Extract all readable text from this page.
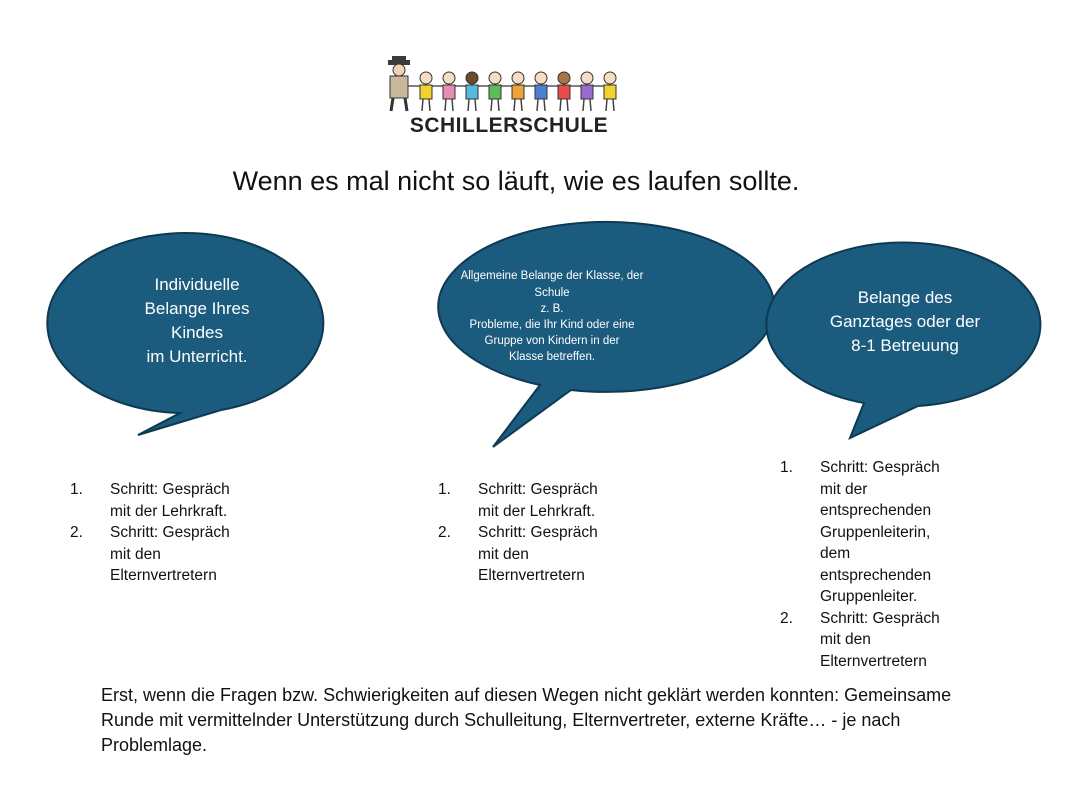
SCHILLERSCHULE
Wenn es mal nicht so läuft, wie es laufen sollte.
Individuelle
Belange Ihres
Kindes
im Unterricht.
Allgemeine Belange der Klasse, der
Schule
z. B.
Probleme, die Ihr Kind oder eine
Gruppe von Kindern in der
Klasse betreffen.
Belange des
Ganztages oder der
8-1 Betreuung
1. Schritt: Gespräch
mit der Lehrkraft.
2. Schritt: Gespräch
mit den
Elternvertretern
1. Schritt: Gespräch
mit der Lehrkraft.
2. Schritt: Gespräch
mit den
Elternvertretern
1. Schritt: Gespräch
mit der
entsprechenden
Gruppenleiterin,
dem
entsprechenden
Gruppenleiter.
2. Schritt: Gespräch
mit den
Elternvertretern
Erst, wenn die Fragen bzw. Schwierigkeiten auf diesen Wegen nicht geklärt werden konnten: Gemeinsame
Runde mit vermittelnder Unterstützung durch Schulleitung, Elternvertreter, externe Kräfte… - je nach
Problemlage.
